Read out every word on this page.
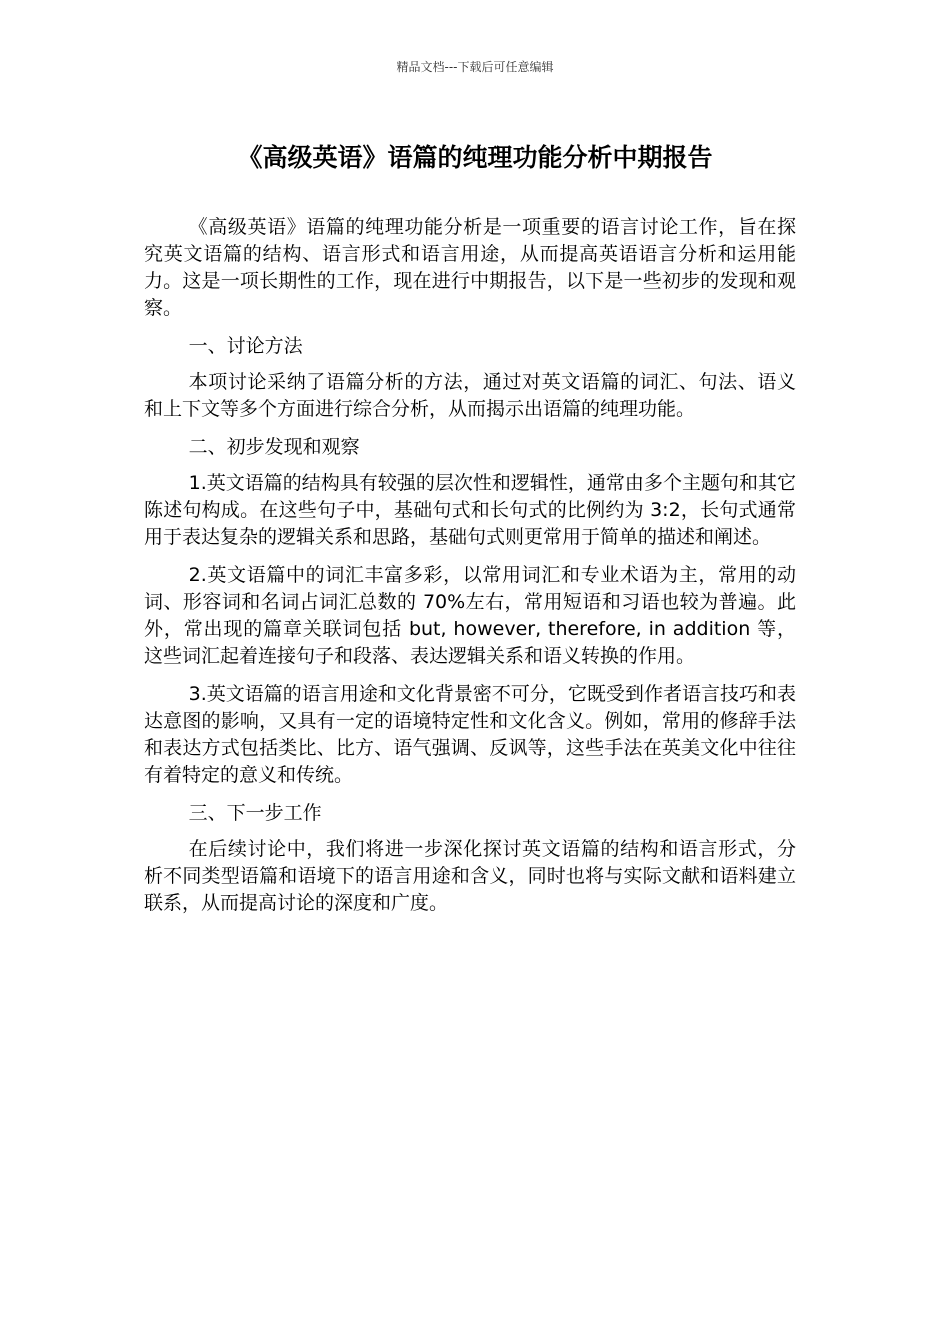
精品文档---下载后可任意编辑
《高级英语》语篇的纯理功能分析中期报告

《高级英语》语篇的纯理功能分析是一项重要的语言讨论工作，旨在探究英文语篇的结构、语言形式和语言用途，从而提高英语语言分析和运用能力。这是一项长期性的工作，现在进行中期报告，以下是一些初步的发现和观察。

一、讨论方法

本项讨论采纳了语篇分析的方法，通过对英文语篇的词汇、句法、语义和上下文等多个方面进行综合分析，从而揭示出语篇的纯理功能。

二、初步发现和观察

1.英文语篇的结构具有较强的层次性和逻辑性，通常由多个主题句和其它陈述句构成。在这些句子中，基础句式和长句式的比例约为 3:2，长句式通常用于表达复杂的逻辑关系和思路，基础句式则更常用于简单的描述和阐述。

2.英文语篇中的词汇丰富多彩，以常用词汇和专业术语为主，常用的动词、形容词和名词占词汇总数的 70%左右，常用短语和习语也较为普遍。此外，常出现的篇章关联词包括 but, however, therefore, in addition 等，这些词汇起着连接句子和段落、表达逻辑关系和语义转换的作用。

3.英文语篇的语言用途和文化背景密不可分，它既受到作者语言技巧和表达意图的影响，又具有一定的语境特定性和文化含义。例如，常用的修辞手法和表达方式包括类比、比方、语气强调、反讽等，这些手法在英美文化中往往有着特定的意义和传统。

三、下一步工作

在后续讨论中，我们将进一步深化探讨英文语篇的结构和语言形式，分析不同类型语篇和语境下的语言用途和含义，同时也将与实际文献和语料建立联系，从而提高讨论的深度和广度。
